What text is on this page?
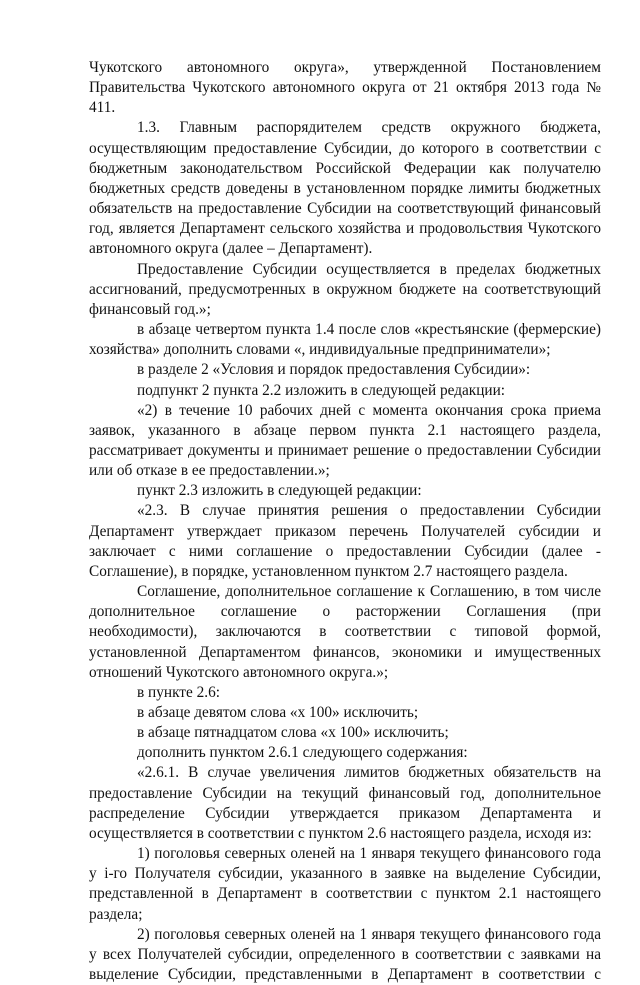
Чукотского автономного округа», утвержденной Постановлением Правительства Чукотского автономного округа от 21 октября 2013 года № 411.

1.3. Главным распорядителем средств окружного бюджета, осуществляющим предоставление Субсидии, до которого в соответствии с бюджетным законодательством Российской Федерации как получателю бюджетных средств доведены в установленном порядке лимиты бюджетных обязательств на предоставление Субсидии на соответствующий финансовый год, является Департамент сельского хозяйства и продовольствия Чукотского автономного округа (далее – Департамент).

Предоставление Субсидии осуществляется в пределах бюджетных ассигнований, предусмотренных в окружном бюджете на соответствующий финансовый год.»;

в абзаце четвертом пункта 1.4 после слов «крестьянские (фермерские) хозяйства» дополнить словами «, индивидуальные предприниматели»;

в разделе 2 «Условия и порядок предоставления Субсидии»:

подпункт 2 пункта 2.2 изложить в следующей редакции:

«2) в течение 10 рабочих дней с момента окончания срока приема заявок, указанного в абзаце первом пункта 2.1 настоящего раздела, рассматривает документы и принимает решение о предоставлении Субсидии или об отказе в ее предоставлении.»;

пункт 2.3 изложить в следующей редакции:

«2.3. В случае принятия решения о предоставлении Субсидии Департамент утверждает приказом перечень Получателей субсидии и заключает с ними соглашение о предоставлении Субсидии (далее - Соглашение), в порядке, установленном пунктом 2.7 настоящего раздела.

Соглашение, дополнительное соглашение к Соглашению, в том числе дополнительное соглашение о расторжении Соглашения (при необходимости), заключаются в соответствии с типовой формой, установленной Департаментом финансов, экономики и имущественных отношений Чукотского автономного округа.»;

в пункте 2.6:

в абзаце девятом слова «х 100» исключить;

в абзаце пятнадцатом слова «х 100» исключить;

дополнить пунктом 2.6.1 следующего содержания:

«2.6.1. В случае увеличения лимитов бюджетных обязательств на предоставление Субсидии на текущий финансовый год, дополнительное распределение Субсидии утверждается приказом Департамента и осуществляется в соответствии с пунктом 2.6 настоящего раздела, исходя из:

1) поголовья северных оленей на 1 января текущего финансового года у i-го Получателя субсидии, указанного в заявке на выделение Субсидии, представленной в Департамент в соответствии с пунктом 2.1 настоящего раздела;

2) поголовья северных оленей на 1 января текущего финансового года у всех Получателей субсидии, определенного в соответствии с заявками на выделение Субсидии, представленными в Департамент в соответствии с
